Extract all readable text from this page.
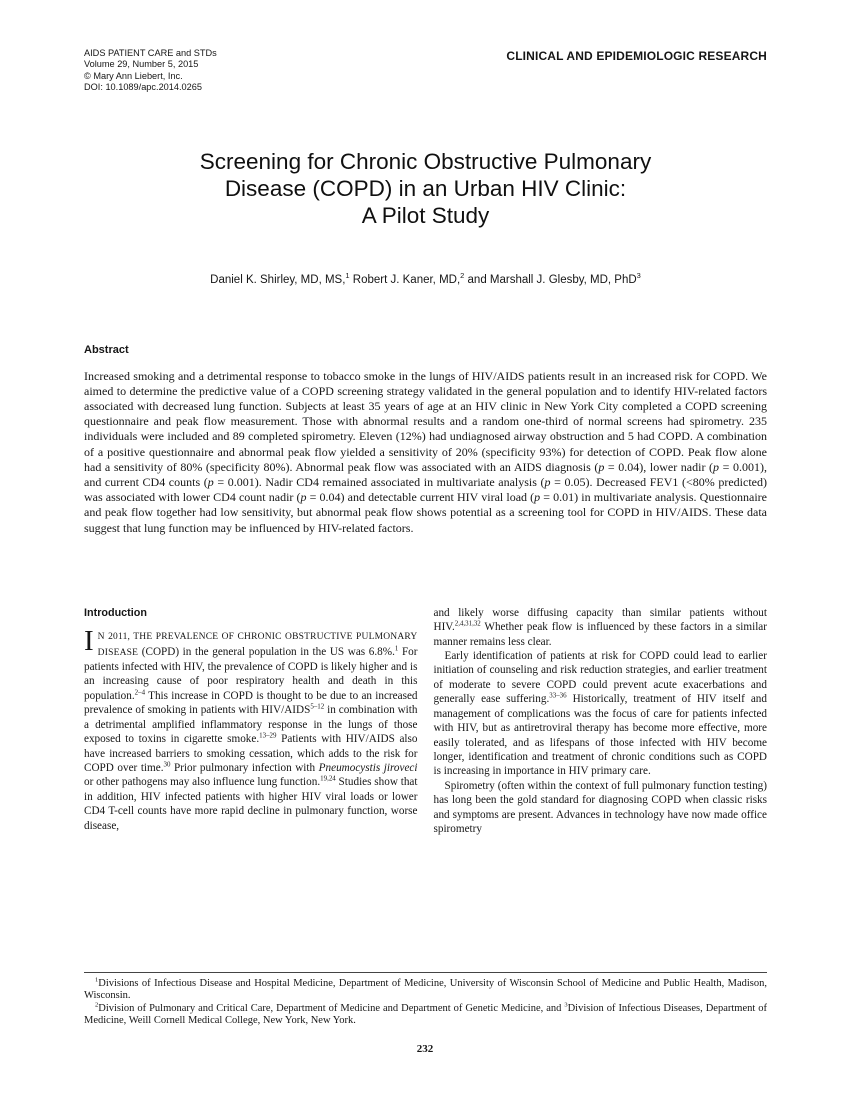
AIDS PATIENT CARE and STDs
Volume 29, Number 5, 2015
© Mary Ann Liebert, Inc.
DOI: 10.1089/apc.2014.0265
CLINICAL AND EPIDEMIOLOGIC RESEARCH
Screening for Chronic Obstructive Pulmonary
Disease (COPD) in an Urban HIV Clinic:
A Pilot Study

Daniel K. Shirley, MD, MS,$^1$ Robert J. Kaner, MD,$^2$ and Marshall J. Glesby, MD, PhD$^3$

Abstract

Increased smoking and a detrimental response to tobacco smoke in the lungs of HIV/AIDS patients result in an increased risk for COPD. We aimed to determine the predictive value of a COPD screening strategy validated in the general population and to identify HIV-related factors associated with decreased lung function. Subjects at least 35 years of age at an HIV clinic in New York City completed a COPD screening questionnaire and peak flow measurement. Those with abnormal results and a random one-third of normal screens had spirometry. 235 individuals were included and 89 completed spirometry. Eleven (12%) had undiagnosed airway obstruction and 5 had COPD. A combination of a positive questionnaire and abnormal peak flow yielded a sensitivity of 20% (specificity 93%) for detection of COPD. Peak flow alone had a sensitivity of 80% (specificity 80%). Abnormal peak flow was associated with an AIDS diagnosis (p = 0.04), lower nadir (p = 0.001), and current CD4 counts (p = 0.001). Nadir CD4 remained associated in multivariate analysis (p = 0.05). Decreased FEV1 (<80% predicted) was associated with lower CD4 count nadir (p = 0.04) and detectable current HIV viral load (p = 0.01) in multivariate analysis. Questionnaire and peak flow together had low sensitivity, but abnormal peak flow shows potential as a screening tool for COPD in HIV/AIDS. These data suggest that lung function may be influenced by HIV-related factors.

Introduction

I N 2011, THE PREVALENCE OF CHRONIC OBSTRUCTIVE PULMONARY DISEASE (COPD) in the general population in the US was 6.8%.$^1$ For patients infected with HIV, the prevalence of COPD is likely higher and is an increasing cause of poor respiratory health and death in this population.$^{2-4}$ This increase in COPD is thought to be due to an increased prevalence of smoking in patients with HIV/AIDS$^{5-12}$ in combination with a detrimental amplified inflammatory response in the lungs of those exposed to toxins in cigarette smoke.$^{13-29}$ Patients with HIV/AIDS also have increased barriers to smoking cessation, which adds to the risk for COPD over time.$^{30}$ Prior pulmonary infection with Pneumocystis jiroveci or other pathogens may also influence lung function.$^{19,24}$ Studies show that in addition, HIV infected patients with higher HIV viral loads or lower CD4 T-cell counts have more rapid decline in pulmonary function, worse disease,

and likely worse diffusing capacity than similar patients without HIV.$^{2,4,31,32}$ Whether peak flow is influenced by these factors in a similar manner remains less clear.

Early identification of patients at risk for COPD could lead to earlier initiation of counseling and risk reduction strategies, and earlier treatment of moderate to severe COPD could prevent acute exacerbations and generally ease suffering.$^{33-36}$ Historically, treatment of HIV itself and management of complications was the focus of care for patients infected with HIV, but as antiretroviral therapy has become more effective, more easily tolerated, and as lifespans of those infected with HIV become longer, identification and treatment of chronic conditions such as COPD is increasing in importance in HIV primary care.

Spirometry (often within the context of full pulmonary function testing) has long been the gold standard for diagnosing COPD when classic risks and symptoms are present. Advances in technology have now made office spirometry

$^1$Divisions of Infectious Disease and Hospital Medicine, Department of Medicine, University of Wisconsin School of Medicine and Public Health, Madison, Wisconsin.

$^2$Division of Pulmonary and Critical Care, Department of Medicine and Department of Genetic Medicine, and $^3$Division of Infectious Diseases, Department of Medicine, Weill Cornell Medical College, New York, New York.

232
